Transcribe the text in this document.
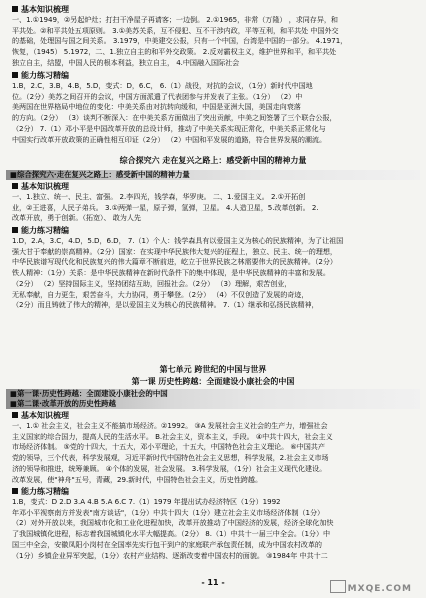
基本知识梳理
一、1.①1949，②另起炉灶；打扫干净屋子再请客；一边倒。 2.①1965，非常（万隆） ，求同存异，和
平共处。②和平共处五项原则。 3.①美苏关系，互不侵犯、互不干涉内政，平等互利，和平共处 中国外交
的基础，处理国与国之间关系。 3.1979，中美建交公报，只有一个中国，台湾是中国的一部分。 4.1971，
恢复，（1945） 5.1972，二、1.独立自主的和平外交政策。 2.反对霸权主义，维护世界和平，和平共处
独立自主，结盟，中国人民的根本利益，独立自主， 4.中国融入国际社会
能力练习精编
1.B，2.C，3.B，4.B，5.D，变式：D，6.C， 6.（1）战役，对抗的会议，（1分）新时代中国地
位。（2分）美苏之间召开的会议，中国方面派遣了代表团参与并发表了主张。（1分） （2）中
美两国在世界格局中地位的变化：中美关系由对抗转向缓和，中国是亚洲大国，美国走向衰落
的方向。（2分） （3）谈判不断深入：在中美关系方面做出了突出贡献，中美之间签署了三个联合公报，
（2分） 7.（1）邓小平是中国改革开放的总设计师，推动了中美关系实现正常化，中美关系正常化与
中国实行改革开放政策的正确性相互印证（2分） （2）中国和平发展的道路，符合世界发展的潮流。
综合探究六 走在复兴之路上：感受新中国的精神力量
■综合探究六·走在复兴之路上：感受新中国的精神力量
基本知识梳理
一、1.独立、统一、民主、富强。 2.李四光，钱学森，华罗庚。 二、1.爱国主义。 2.①开拓创
业，②王进喜，人民子弟兵。 3.①两弹一星，原子弹，氢弹，卫星。 4.人造卫星，5.改革创新。 2.
改革开放，勇于创新。（拓宽）、 敢为人先
能力练习精编
1.D，2.A，3.C，4.D，5.D，6.D， 7.（1）个人：钱学森具有以爱国主义为核心的民族精神，为了让祖国
强大甘于奉献的崇高精神。（2分）国家：在实现中华民族伟大复兴的征程上，独立、民主、统一的理想，
中华民族谱写现代化和民族复兴的伟大篇章不断前进，屹立于世界民族之林需要伟大的民族精神。（2分）
铁人精神：（1分）关系：是中华民族精神在新时代条件下的集中体现，是中华民族精神的丰富和发展。
（2分） （2）坚持国际主义，坚持团结互助，回报社会。（2分） （3）理解，艰苦创业，
无私奉献，自力更生，艰苦奋斗，大力协同，勇于攀登。（2分） （4）不仅创造了发展的奇迹，
（2分）而且铸就了伟大的精神，是以爱国主义为核心的民族精神。 7.（1）继承和弘扬民族精神，
第七单元 跨世纪的中国与世界
第一课 历史性跨越：全面建设小康社会的中国
■第一课·历史性跨越：全面建设小康社会的中国
■第二课·改革开放的历史性跨越
基本知识梳理
一、1.① 社会主义，社会主义不能搞市场经济。②1992。 ③A 发展社会主义社会的生产力，增强社会
主义国家的综合国力，提高人民的生活水平。 B.社会主义，资本主义，手段。 ④中共十四大，社会主义
市场经济体制。 ⑤党的十四大，十五大，邓小平理论，十五大，中国特色社会主义理论。 ⑥中国共产
党的领导，三个代表，科学发展观，习近平新时代中国特色社会主义思想，科学发展，2.社会主义市场
济的领导和推进，统筹兼顾。 ④个体的发展，社会发展。 3.科学发展，（1分）社会主义现代化建设。
改革发展，使"神舟"五号，青藏，29.新时代，中国特色社会主义，历史性跨越。
能力练习精编
1.B，变式：D 2.D 3.A 4.B 5.A 6.C 7.（1）1979 年提出试办经济特区（1分）1992
年邓小平视察南方并发表"南方谈话"，（1分）中共十四大（1分）建立社会主义市场经济体制（1分）
（2）对外开放以来，我国城市化和工业化进程加快，改革开放推动了中国经济的发展，经济全球化加快
了我国城镇化进程，标志着我国城镇化水平大幅提高。（2分） 8.（1）中共十一届三中全会。（1分）中
国三中全会，安徽凤阳小岗村在全国率先实行包干到户的家庭联产承包责任制，成为中国农村改革的
（1分）乡镇企业异军突起，（1分）农村产业结构、逐渐改变着中国农村的面貌。 ③1984年 中共十二
- 11 -
MXQE.COM
